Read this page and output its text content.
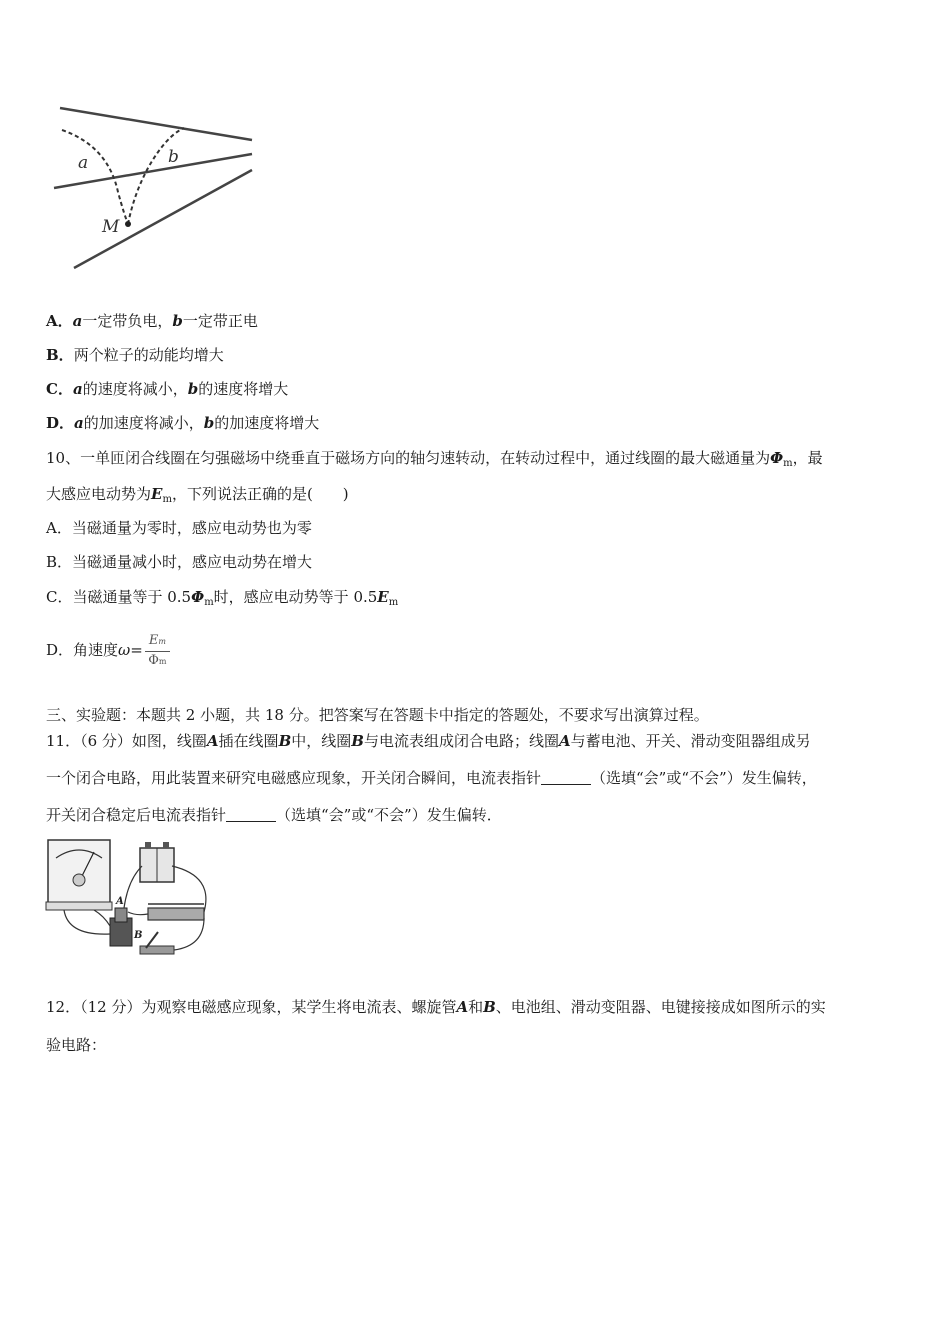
a	b
M
A．a一定带负电，b一定带正电
B．两个粒子的动能均增大
C．a的速度将减小，b的速度将增大
D．a的加速度将减小，b的加速度将增大
10、一单匝闭合线圈在匀强磁场中绕垂直于磁场方向的轴匀速转动，在转动过程中，通过线圈的最大磁通量为$\Phi_m$，最
大感应电动势为$E_m$，下列说法正确的是(　　)
A．当磁通量为零时，感应电动势也为零
B．当磁通量减小时，感应电动势在增大
C．当磁通量等于 $0.5\Phi_m$时，感应电动势等于 $0.5E_m$
D．角速度$\omega= \frac{Em}{\Phi m}$
三、实验题：本题共 2 小题，共 18 分。把答案写在答题卡中指定的答题处，不要求写出演算过程。
11．（6 分）如图，线圈A插在线圈B中，线圈B与电流表组成闭合电路；线圈A与蓄电池、开关、滑动变阻器组成另
一个闭合电路，用此装置来研究电磁感应现象，开关闭合瞬间，电流表指针	（选填“会”或“不会”）发生偏转，
开关闭合稳定后电流表指针	（选填“会”或“不会”）发生偏转．
A
B
12．（12 分）为观察电磁感应现象，某学生将电流表、螺旋管A和B、电池组、滑动变阻器、电键接接成如图所示的实
验电路：
